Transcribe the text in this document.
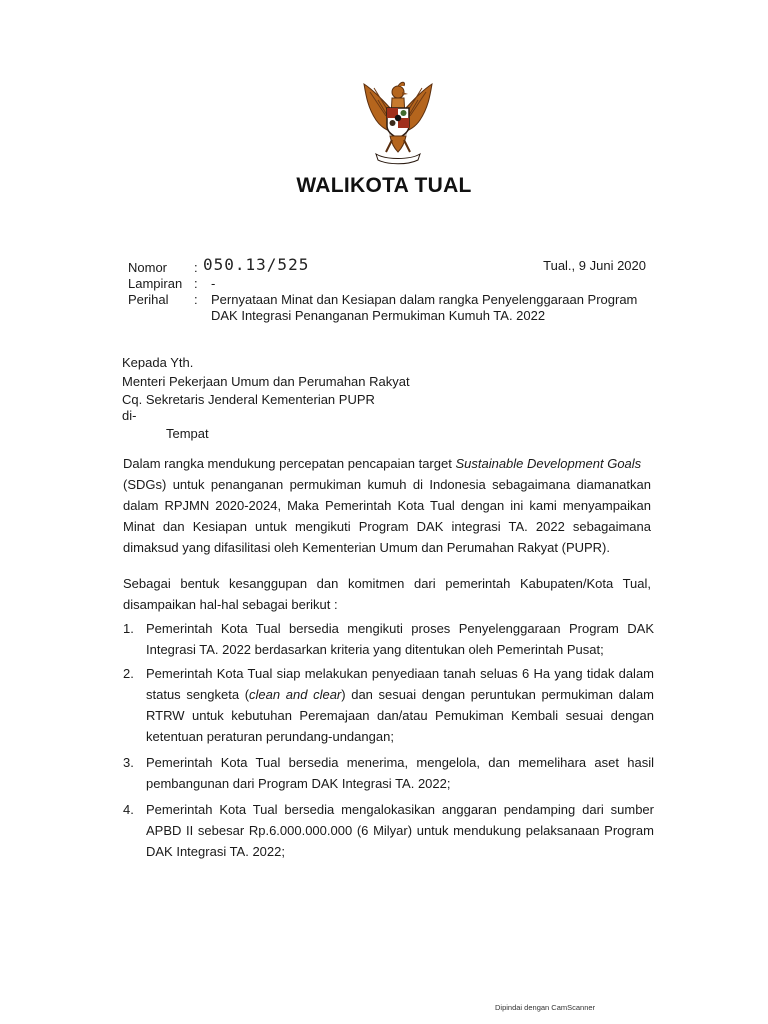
WALIKOTA TUAL
Nomor : 050.13/525	Tual., 9 Juni 2020
Lampiran : -
Perihal : Pernyataan Minat dan Kesiapan dalam rangka Penyelenggaraan Program
DAK Integrasi Penanganan Permukiman Kumuh TA. 2022
Kepada Yth.
Menteri Pekerjaan Umum dan Perumahan Rakyat
Cq. Sekretaris Jenderal Kementerian PUPR
di-
Tempat
Dalam rangka mendukung percepatan pencapaian target Sustainable Development Goals
(SDGs) untuk penanganan permukiman kumuh di Indonesia sebagaimana diamanatkan
dalam RPJMN 2020-2024, Maka Pemerintah Kota Tual dengan ini kami menyampaikan
Minat dan Kesiapan untuk mengikuti Program DAK integrasi TA. 2022 sebagaimana
dimaksud yang difasilitasi oleh Kementerian Umum dan Perumahan Rakyat (PUPR).
Sebagai bentuk kesanggupan dan komitmen dari pemerintah Kabupaten/Kota Tual,
disampaikan hal-hal sebagai berikut :
1. Pemerintah Kota Tual bersedia mengikuti proses Penyelenggaraan Program DAK
Integrasi TA. 2022 berdasarkan kriteria yang ditentukan oleh Pemerintah Pusat;
2. Pemerintah Kota Tual siap melakukan penyediaan tanah seluas 6 Ha yang tidak dalam
status sengketa (clean and clear) dan sesuai dengan peruntukan permukiman dalam
RTRW untuk kebutuhan Peremajaan dan/atau Pemukiman Kembali sesuai dengan
ketentuan peraturan perundang-undangan;
3. Pemerintah Kota Tual bersedia menerima, mengelola, dan memelihara aset hasil
pembangunan dari Program DAK Integrasi TA. 2022;
4. Pemerintah Kota Tual bersedia mengalokasikan anggaran pendamping dari sumber
APBD II sebesar Rp.6.000.000.000 (6 Milyar) untuk mendukung pelaksanaan Program
DAK Integrasi TA. 2022;
Dipindai dengan CamScanner
